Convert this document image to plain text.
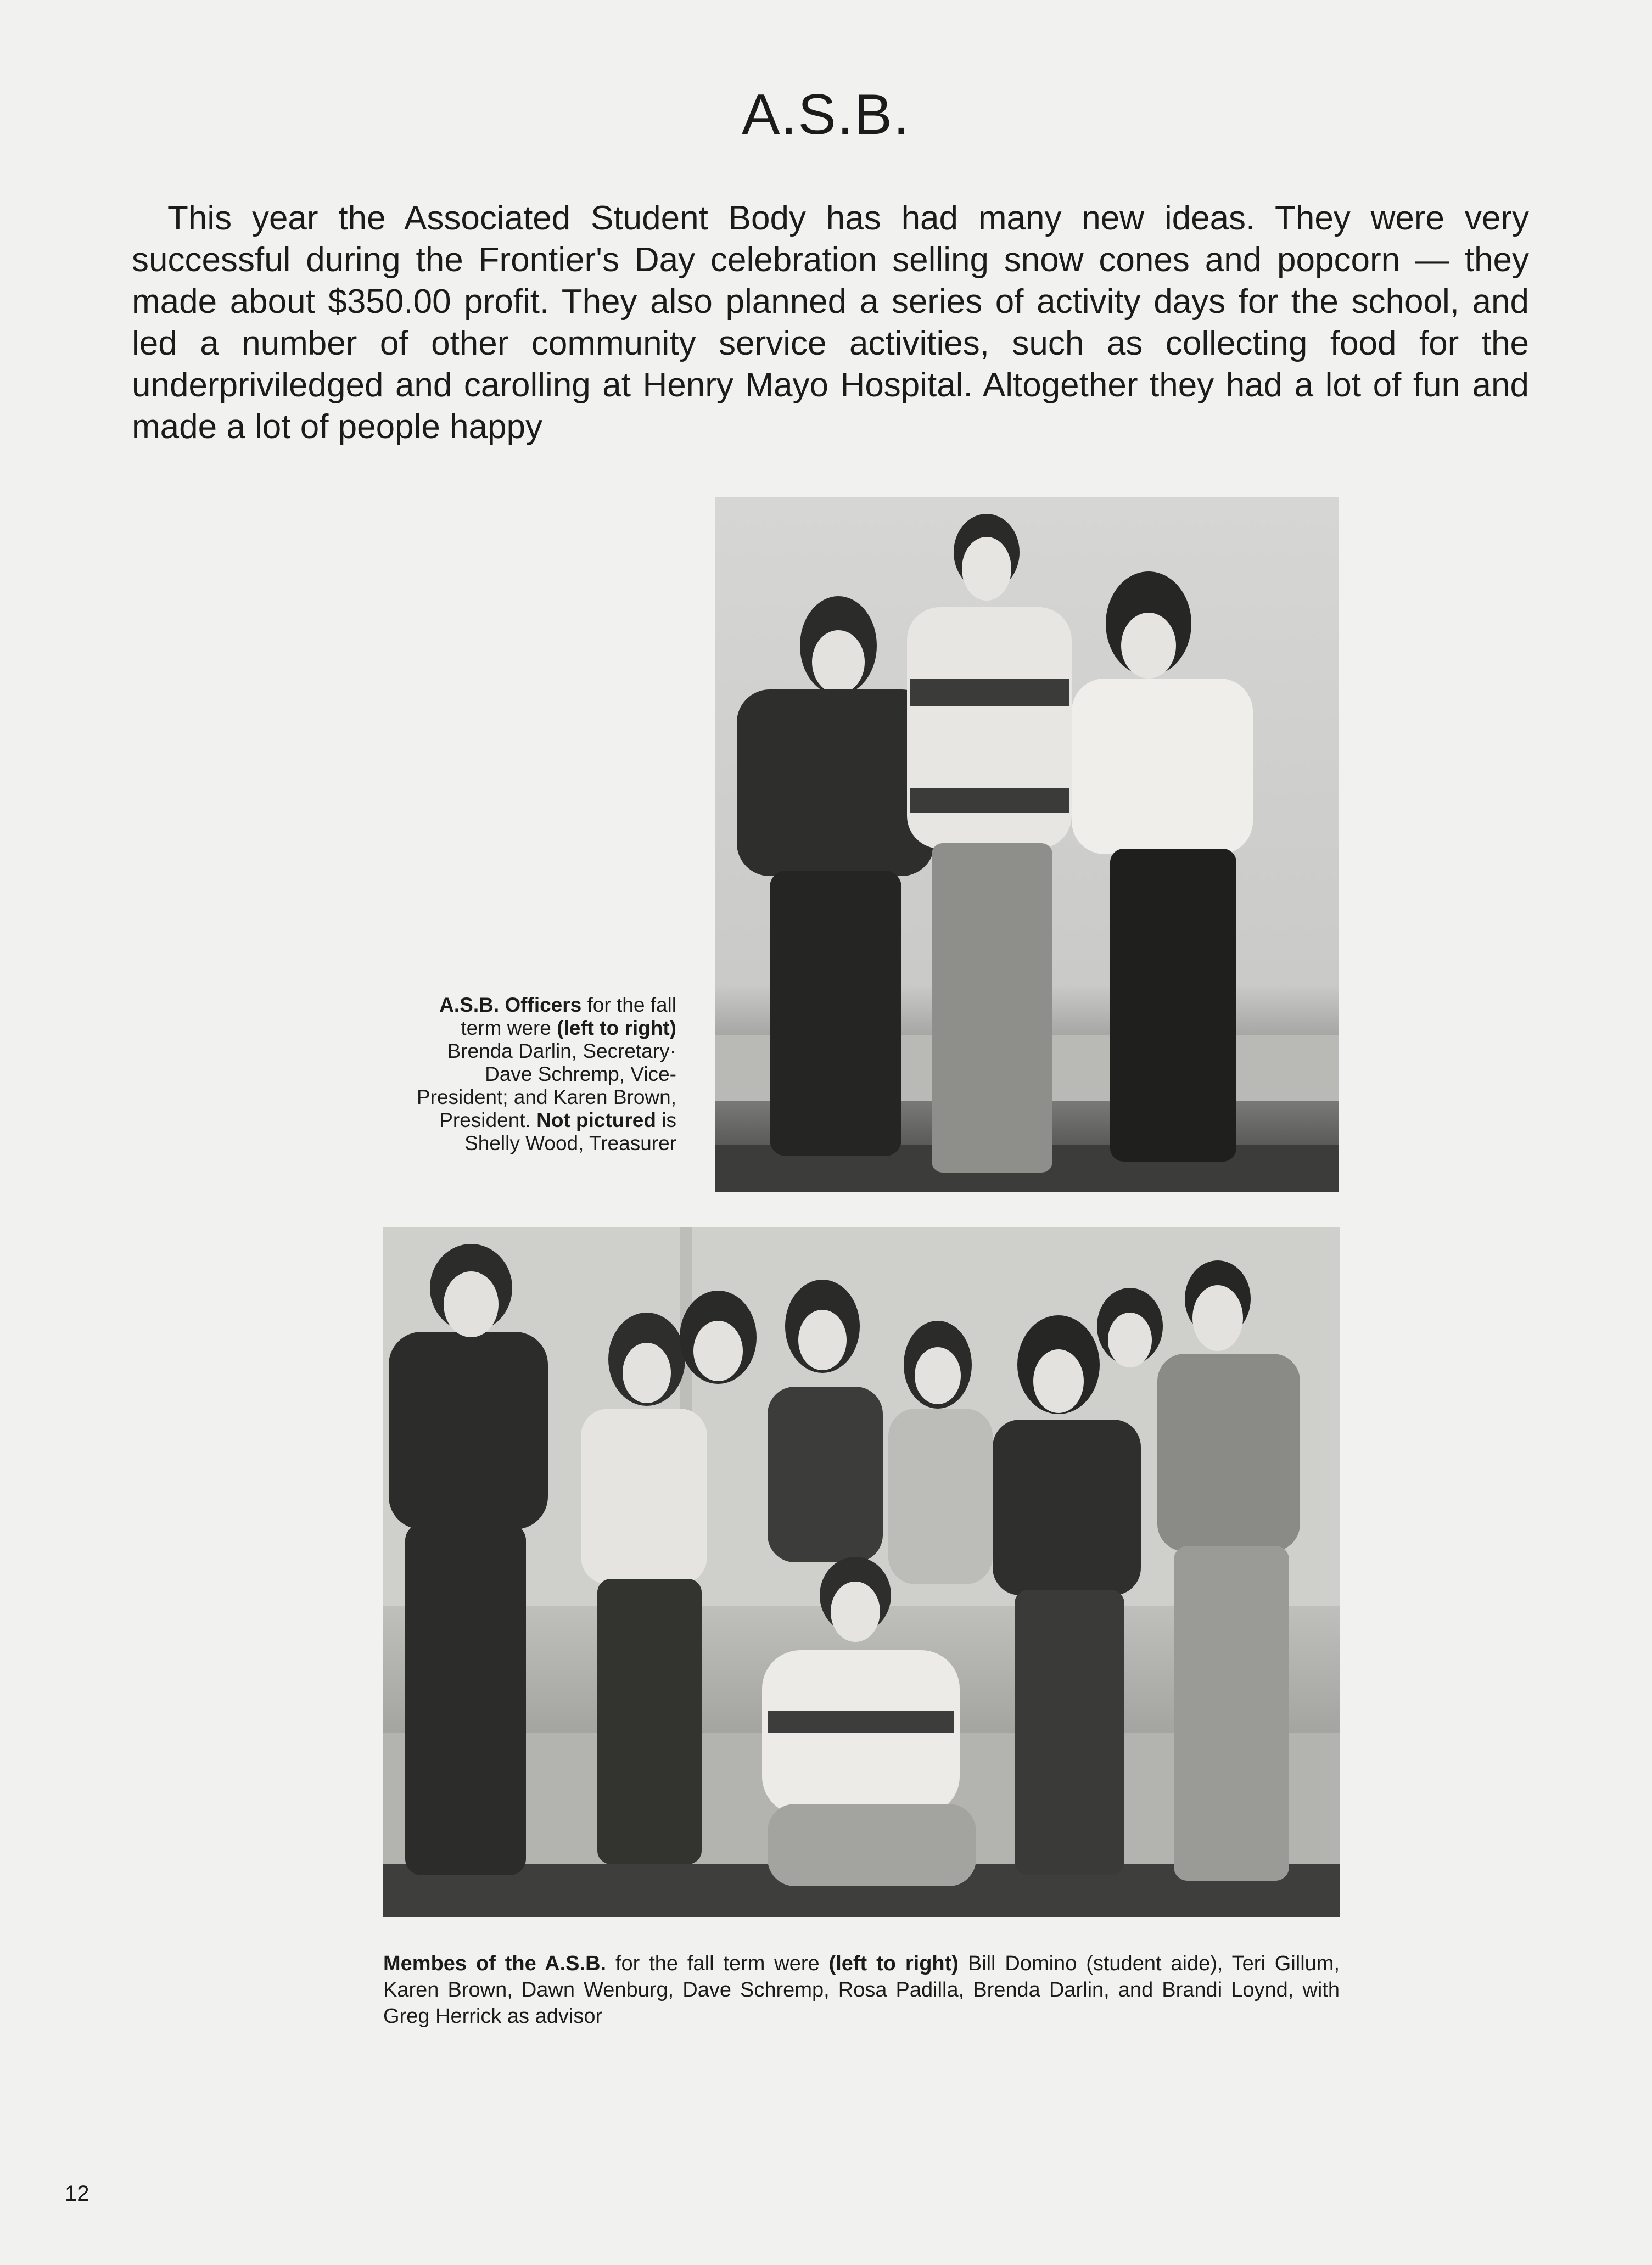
A.S.B.
This year the Associated Student Body has had many new ideas. They were very successful during the Frontier's Day celebration selling snow cones and popcorn — they made about $350.00 profit. They also planned a series of activity days for the school, and led a number of other community service activities, such as collecting food for the underpriviledged and carolling at Henry Mayo Hospital. Altogether they had a lot of fun and made a lot of people happy
A.S.B. Officers for the fall term were (left to right) Brenda Darlin, Secretary· Dave Schremp, Vice-President; and Karen Brown, President. Not pictured is Shelly Wood, Treasurer
Membes of the A.S.B. for the fall term were (left to right) Bill Domino (student aide), Teri Gillum, Karen Brown, Dawn Wenburg, Dave Schremp, Rosa Padilla, Brenda Darlin, and Brandi Loynd, with Greg Herrick as advisor
12
